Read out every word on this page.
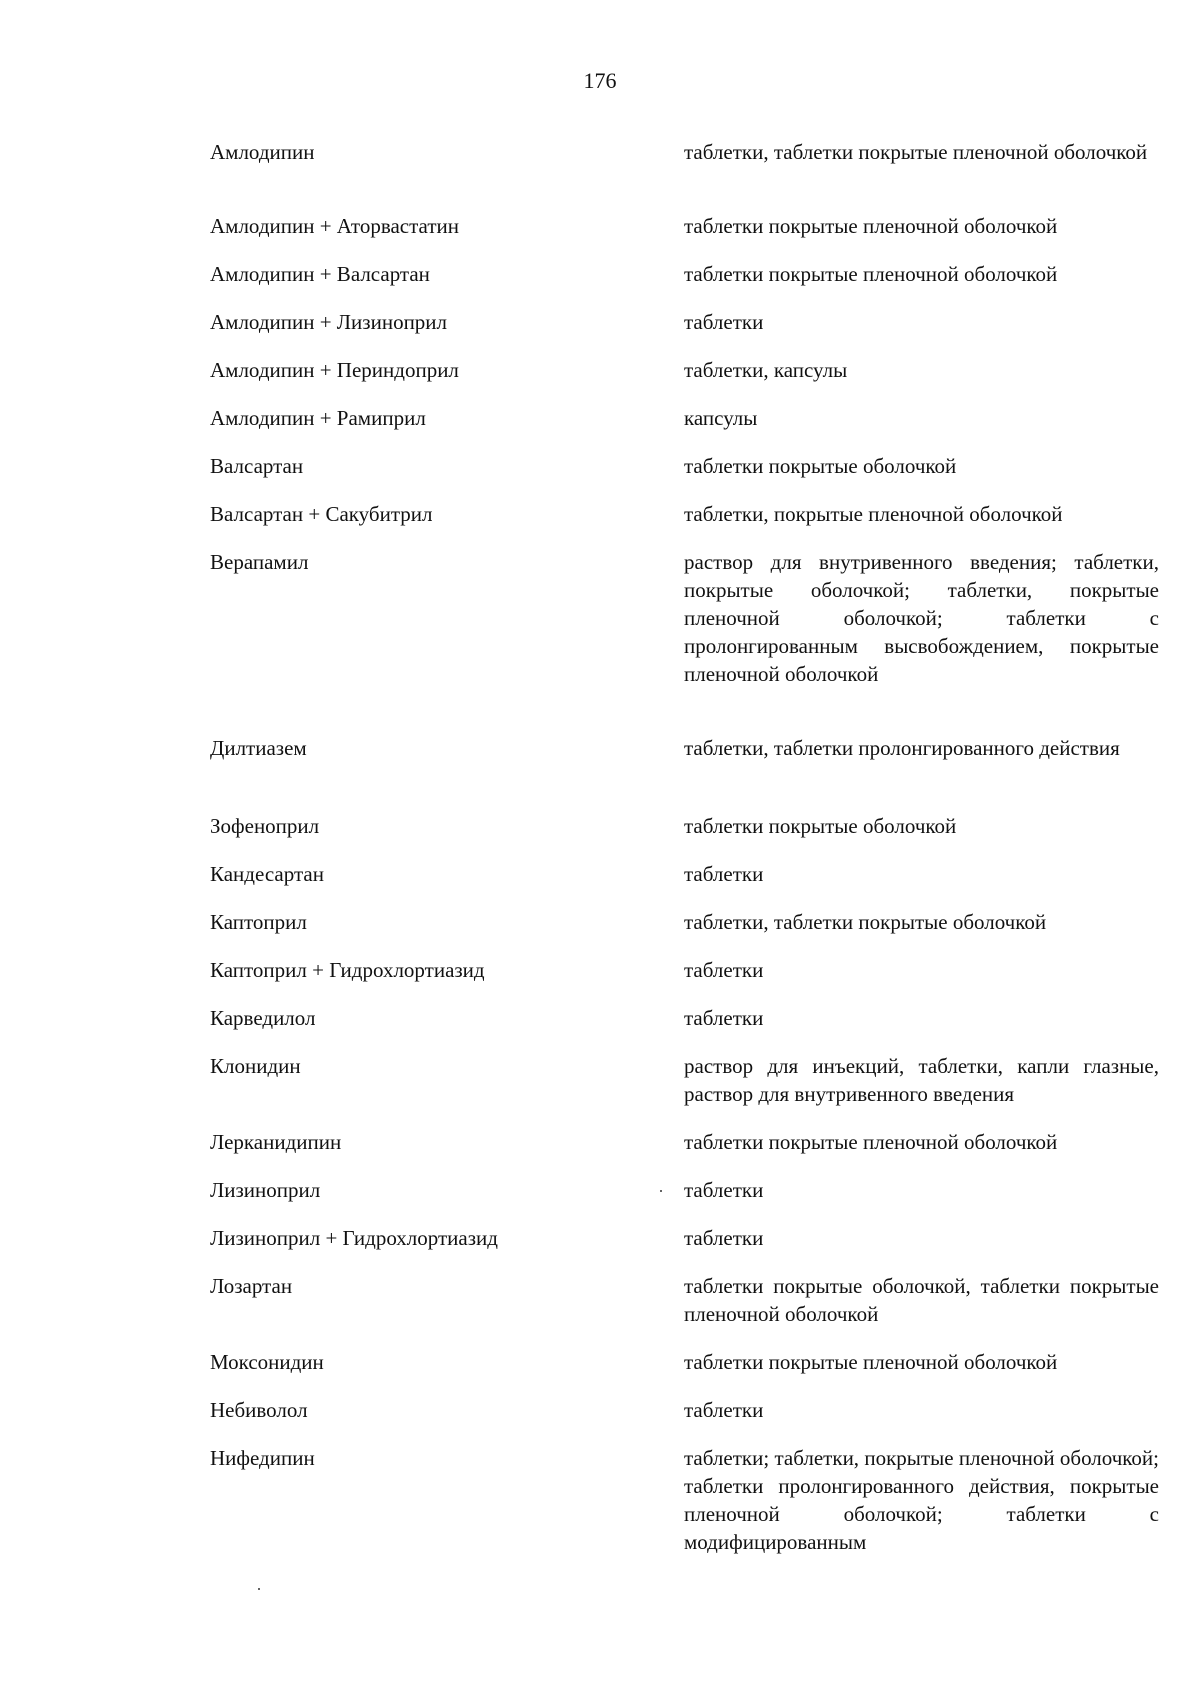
176
Амлодипин	таблетки, таблетки покрытые пленочной оболочкой
Амлодипин + Аторвастатин	таблетки покрытые пленочной оболочкой
Амлодипин + Валсартан	таблетки покрытые пленочной оболочкой
Амлодипин + Лизиноприл	таблетки
Амлодипин + Периндоприл	таблетки, капсулы
Амлодипин + Рамиприл	капсулы
Валсартан	таблетки покрытые оболочкой
Валсартан + Сакубитрил	таблетки, покрытые пленочной оболочкой
Верапамил	раствор для внутривенного введения; таблетки, покрытые оболочкой; таблетки, покрытые пленочной оболочкой; таблетки с пролонгированным высвобождением, покрытые пленочной оболочкой
Дилтиазем	таблетки, таблетки пролонгированного действия
Зофеноприл	таблетки покрытые оболочкой
Кандесартан	таблетки
Каптоприл	таблетки, таблетки покрытые оболочкой
Каптоприл + Гидрохлортиазид	таблетки
Карведилол	таблетки
Клонидин	раствор для инъекций, таблетки, капли глазные, раствор для внутривенного введения
Лерканидипин	таблетки покрытые пленочной оболочкой
Лизиноприл	таблетки
Лизиноприл + Гидрохлортиазид	таблетки
Лозартан	таблетки покрытые оболочкой, таблетки покрытые пленочной оболочкой
Моксонидин	таблетки покрытые пленочной оболочкой
Небиволол	таблетки
Нифедипин	таблетки; таблетки, покрытые пленочной оболочкой; таблетки пролонгированного действия, покрытые пленочной оболочкой; таблетки с модифицированным
